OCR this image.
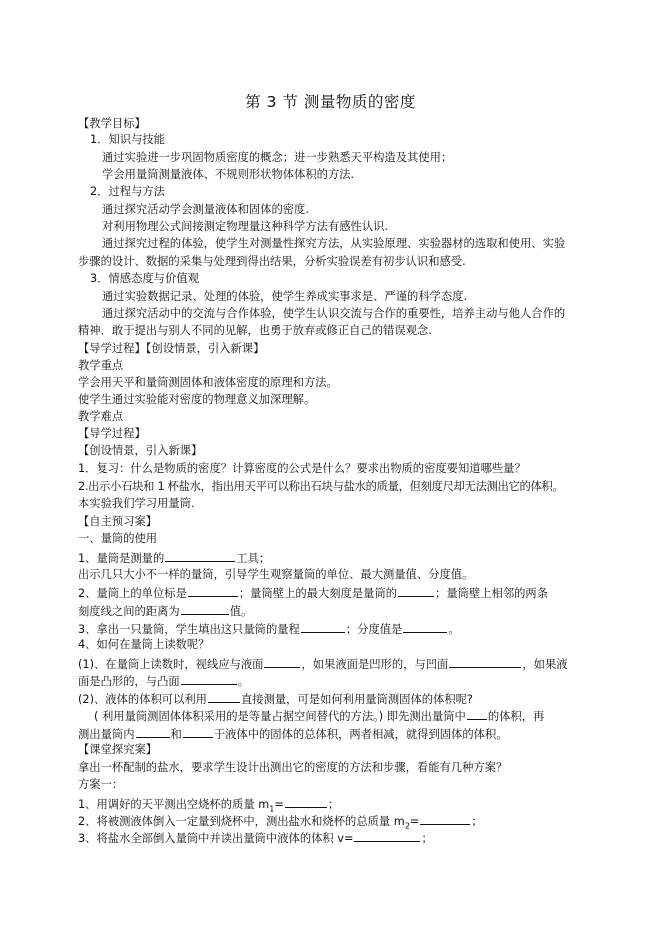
第 3 节 测量物质的密度
【教学目标】
1．知识与技能
通过实验进一步巩固物质密度的概念；进一步熟悉天平构造及其使用；
学会用量筒测量液体、不规则形状物体体积的方法.
2．过程与方法
通过探究活动学会测量液体和固体的密度.
对利用物理公式间接测定物理量这种科学方法有感性认识.
通过探究过程的体验，使学生对测量性探究方法，从实验原理、实验器材的选取和使用、实验
步骤的设计、数据的采集与处理到得出结果，分析实验误差有初步认识和感受.
3．情感态度与价值观
通过实验数据记录、处理的体验，使学生养成实事求是、严谨的科学态度.
通过探究活动中的交流与合作体验，使学生认识交流与合作的重要性，培养主动与他人合作的
精神．敢于提出与别人不同的见解，也勇于放弃或修正自己的错误观念.
【导学过程】【创设情景，引入新课】
教学重点
学会用天平和量筒测固体和液体密度的原理和方法。
使学生通过实验能对密度的物理意义加深理解。
教学难点
【导学过程】
【创设情景，引入新课】
1．复习：什么是物质的密度？计算密度的公式是什么？要求出物质的密度要知道哪些量？
2.出示小石块和 1 杯盐水，指出用天平可以称出石块与盐水的质量，但刻度尺却无法测出它的体积。
本实验我们学习用量筒.
【自主预习案】
一、量筒的使用
1、量筒是测量的	工具；
出示几只大小不一样的量筒，引导学生观察量筒的单位、最大测量值、分度值。
2、量筒上的单位标是	；量筒壁上的最大刻度是量筒的	；量筒壁上相邻的两条
刻度线之间的距离为	值。
3、拿出一只量筒，学生填出这只量筒的量程	；分度值是	。
4、如何在量筒上读数呢？
(1)、在量筒上读数时，视线应与液面	，如果液面是凹形的，与凹面	，如果液
面是凸形的，与凸面	。
(2)、液体的体积可以利用	直接测量，可是如何利用量筒测固体的体积呢?
( 利用量筒测固体体积采用的是等量占据空间替代的方法。) 即先测出量筒中 的体积，再
测出量筒内	和	于液体中的固体的总体积，两者相减，就得到固体的体积。
【课堂探究案】
拿出一杯配制的盐水，要求学生设计出测出它的密度的方法和步骤，看能有几种方案？
方案一：
1、用调好的天平测出空烧杯的质量 $m_1=$	；
2、将被测液体倒入一定量到烧杯中，测出盐水和烧杯的总质量 $m_2=$	；
3、将盐水全部倒入量筒中并读出量筒中液体的体积 v=	；
